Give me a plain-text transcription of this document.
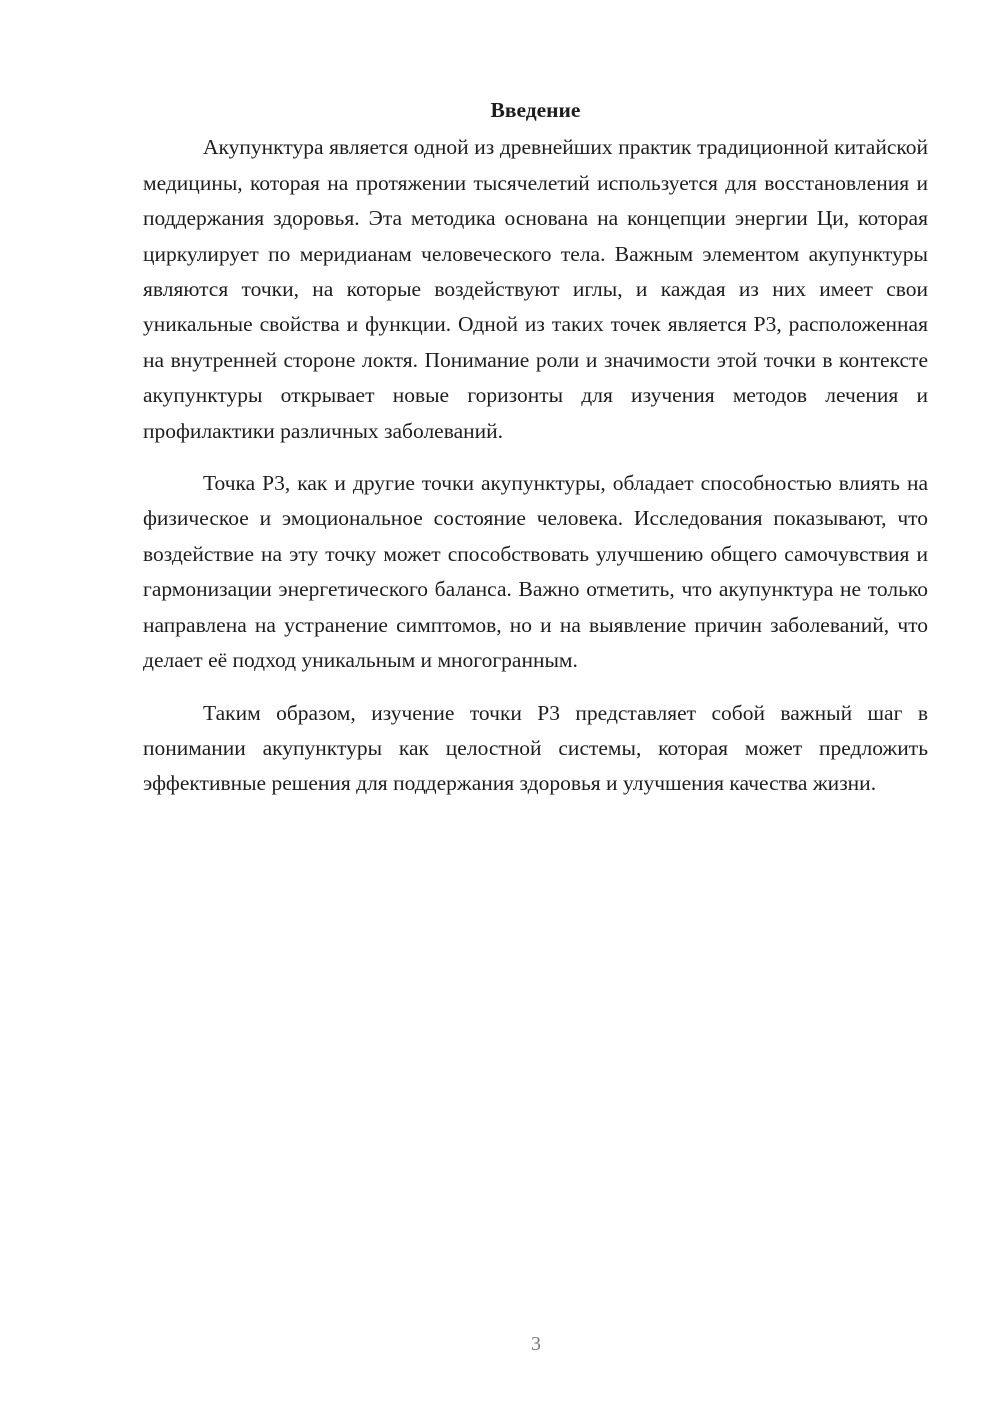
Введение

Акупунктура является одной из древнейших практик традиционной китайской медицины, которая на протяжении тысячелетий используется для восстановления и поддержания здоровья. Эта методика основана на концепции энергии Ци, которая циркулирует по меридианам человеческого тела. Важным элементом акупунктуры являются точки, на которые воздействуют иглы, и каждая из них имеет свои уникальные свойства и функции. Одной из таких точек является P3, расположенная на внутренней стороне локтя. Понимание роли и значимости этой точки в контексте акупунктуры открывает новые горизонты для изучения методов лечения и профилактики различных заболеваний.

Точка P3, как и другие точки акупунктуры, обладает способностью влиять на физическое и эмоциональное состояние человека. Исследования показывают, что воздействие на эту точку может способствовать улучшению общего самочувствия и гармонизации энергетического баланса. Важно отметить, что акупунктура не только направлена на устранение симптомов, но и на выявление причин заболеваний, что делает её подход уникальным и многогранным.

Таким образом, изучение точки P3 представляет собой важный шаг в понимании акупунктуры как целостной системы, которая может предложить эффективные решения для поддержания здоровья и улучшения качества жизни.

3
